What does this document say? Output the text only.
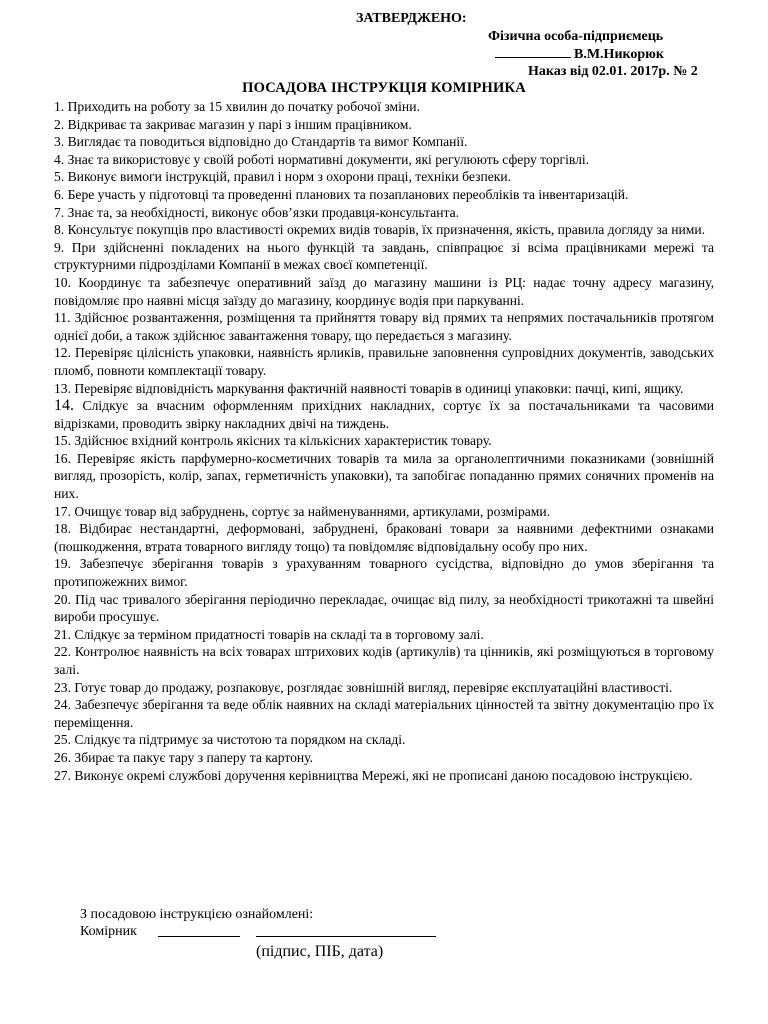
ЗАТВЕРДЖЕНО:
Фізична особа-підприємець
В.М.Никорюк
Наказ від 02.01. 2017р. № 2
ПОСАДОВА ІНСТРУКЦІЯ КОМІРНИКА

1. Приходить на роботу за 15 хвилин до початку робочої зміни.

2. Відкриває та закриває магазин у парі з іншим працівником.

3. Виглядає та поводиться відповідно до Стандартів та вимог Компанії.

4. Знає та використовує у своїй роботі нормативні документи, які регулюють сферу торгівлі.

5. Виконує вимоги інструкцій, правил і норм з охорони праці, техніки безпеки.

6. Бере участь у підготовці та проведенні планових та позапланових переобліків та інвентаризацій.

7. Знає та, за необхідності, виконує обов’язки продавця-консультанта.

8. Консультує покупців про властивості окремих видів товарів, їх призначення, якість, правила догляду за ними.

9. При здійсненні покладених на нього функцій та завдань, співпрацює зі всіма працівниками мережі та структурними підрозділами Компанії в межах своєї компетенції.

10. Координує та забезпечує оперативний заїзд до магазину машини із РЦ: надає точну адресу магазину, повідомляє про наявні місця заїзду до магазину, координує водія при паркуванні.

11. Здійснює розвантаження, розміщення та прийняття товару від прямих та непрямих постачальників протягом однієї доби, а також здійснює завантаження товару, що передається з магазину.

12. Перевіряє цілісність упаковки, наявність ярликів, правильне заповнення супровідних документів, заводських пломб, повноти комплектації товару.

13. Перевіряє відповідність маркування фактичній наявності товарів в одиниці упаковки: пачці, кипі, ящику.

14. Слідкує за вчасним оформленням прихідних накладних, сортує їх за постачальниками та часовими відрізками, проводить звірку накладних двічі на тиждень.

15. Здійснює вхідний контроль якісних та кількісних характеристик товару.

16. Перевіряє якість парфумерно-косметичних товарів та мила за органолептичними показниками (зовнішній вигляд, прозорість, колір, запах, герметичність упаковки), та запобігає попаданню прямих сонячних променів на них.

17. Очищує товар від забруднень, сортує за найменуваннями, артикулами, розмірами.

18. Відбирає нестандартні, деформовані, забруднені, браковані товари за наявними дефектними ознаками (пошкодження, втрата товарного вигляду тощо) та повідомляє відповідальну особу про них.

19. Забезпечує зберігання товарів з урахуванням товарного сусідства, відповідно до умов зберігання та протипожежних вимог.

20. Під час тривалого зберігання періодично перекладає, очищає від пилу, за необхідності трикотажні та швейні вироби просушує.

21. Слідкує за терміном придатності товарів на складі та в торговому залі.

22. Контролює наявність на всіх товарах штрихових кодів (артикулів) та цінників, які розміщуються в торговому залі.

23. Готує товар до продажу, розпаковує, розглядає зовнішній вигляд, перевіряє експлуатаційні властивості.

24. Забезпечує зберігання та веде облік наявних на складі матеріальних цінностей та звітну документацію про їх переміщення.

25. Слідкує та підтримує за чистотою та порядком на складі.

26. Збирає та пакує тару з паперу та картону.

27. Виконує окремі службові доручення керівництва Мережі, які не прописані даною посадовою інструкцією.

З посадовою інструкцією ознайомлені:
Комірник
(підпис, ПІБ, дата)
